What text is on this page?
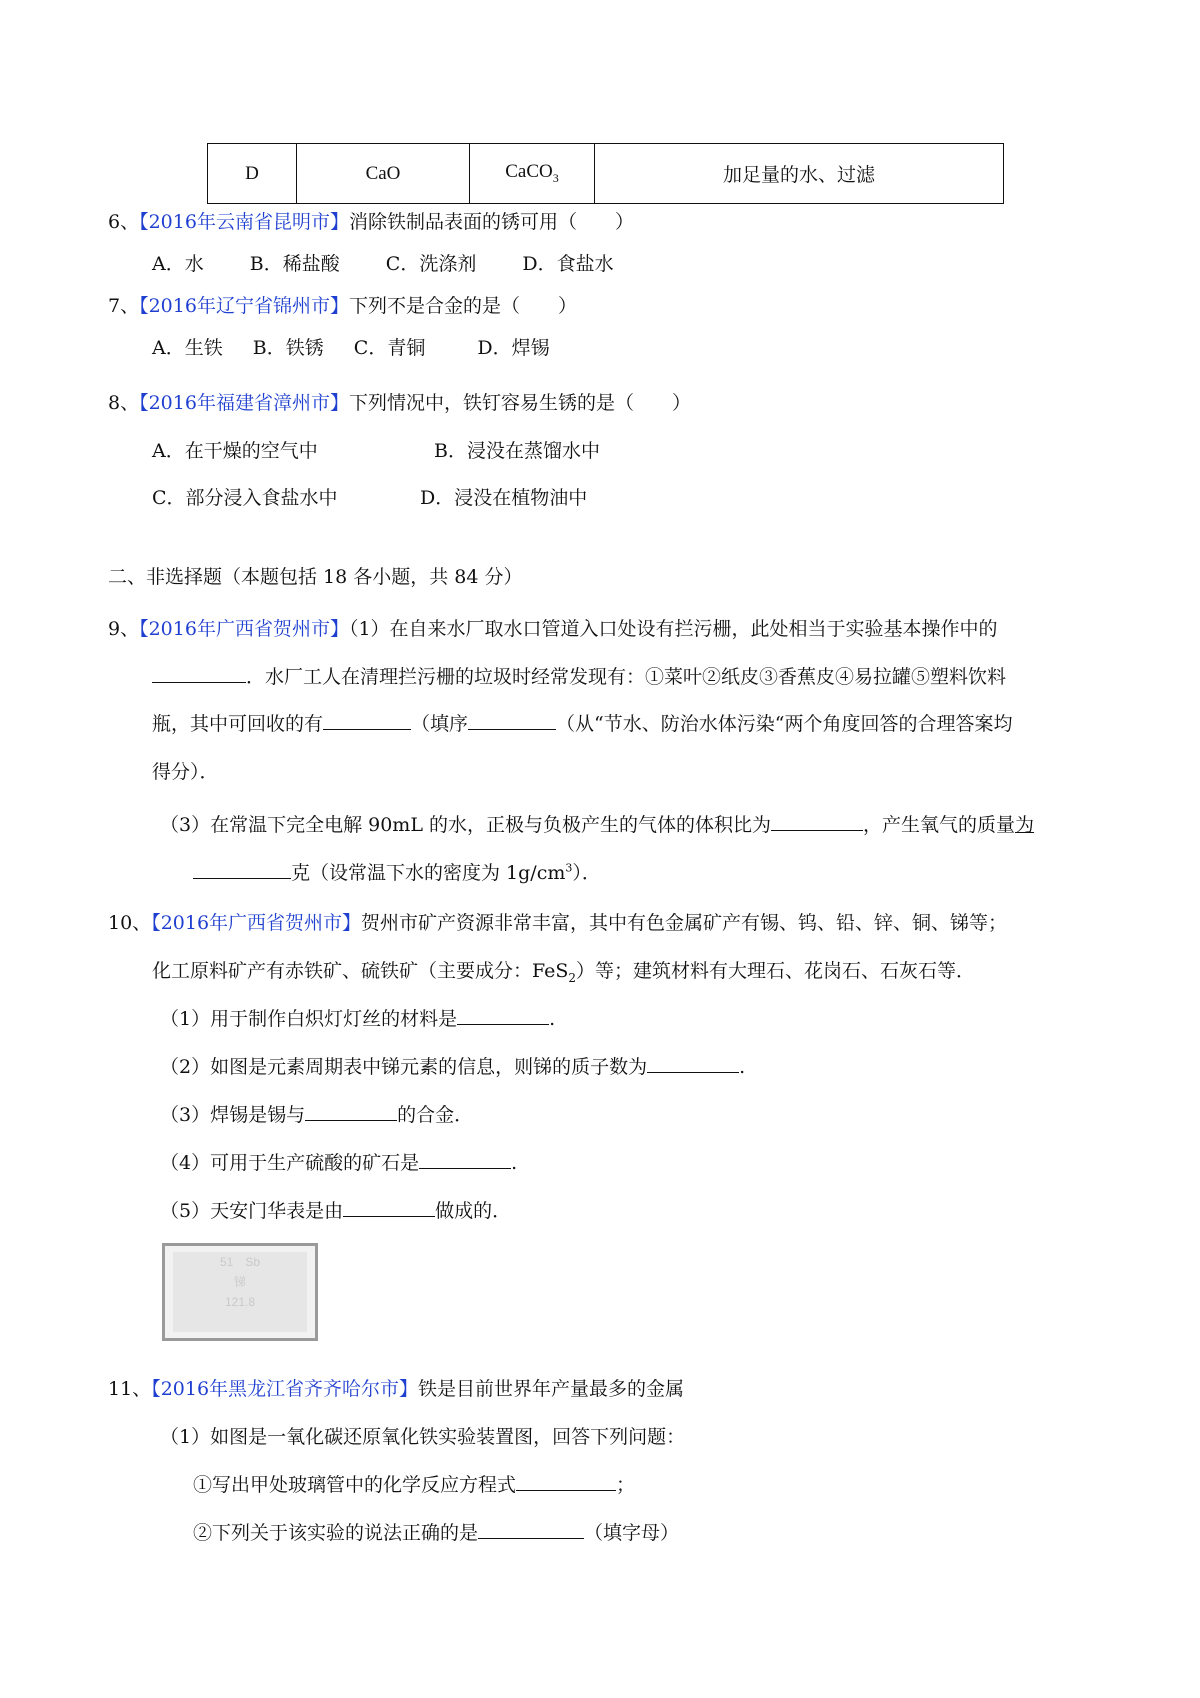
D	CaO	CaCO$_3$	加足量的水、过滤
6、【2016年云南省昆明市】消除铁制品表面的锈可用（　　）
A．水 B．稀盐酸 C．洗涤剂 D．食盐水
7、【2016年辽宁省锦州市】下列不是合金的是（　　）
A．生铁 B．铁锈 C．青铜	D．焊锡
8、【2016年福建省漳州市】下列情况中，铁钉容易生锈的是（　　）
A．在干燥的空气中	B．浸没在蒸馏水中
C．部分浸入食盐水中	D．浸没在植物油中
二、非选择题（本题包括 18 各小题，共 84 分）
9、【2016年广西省贺州市】（1）在自来水厂取水口管道入口处设有拦污栅，此处相当于实验基本操作中的
．水厂工人在清理拦污栅的垃圾时经常发现有：①菜叶②纸皮③香蕉皮④易拉罐⑤塑料饮料
瓶，其中可回收的有	（填序	（从“节水、防治水体污染“两个角度回答的合理答案均
得分）．
（3）在常温下完全电解 90mL 的水，正极与负极产生的气体的体积比为	，产生氧气的质量为
克（设常温下水的密度为 $1g/cm^3$）．
10、【2016年广西省贺州市】贺州市矿产资源非常丰富，其中有色金属矿产有锡、钨、铅、锌、铜、锑等；
化工原料矿产有赤铁矿、硫铁矿（主要成分：FeS$_2$）等；建筑材料有大理石、花岗石、石灰石等．
（1）用于制作白炽灯灯丝的材料是	.
（2）如图是元素周期表中锑元素的信息，则锑的质子数为	.
（3）焊锡是锡与	的合金．
（4）可用于生产硫酸的矿石是	.
（5）天安门华表是由	做成的．
51　Sb
锑
121.8
11、【2016年黑龙江省齐齐哈尔市】铁是目前世界年产量最多的金属
（1）如图是一氧化碳还原氧化铁实验装置图，回答下列问题：
①写出甲处玻璃管中的化学反应方程式	；
②下列关于该实验的说法正确的是	（填字母）
